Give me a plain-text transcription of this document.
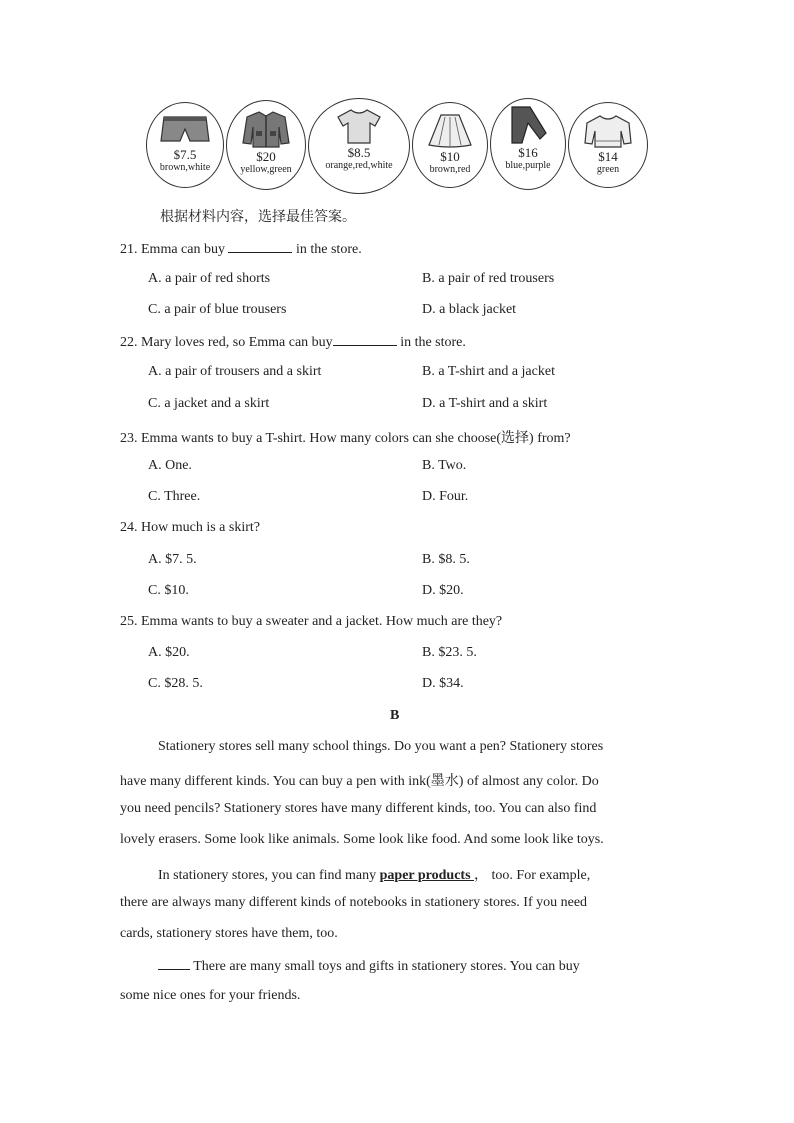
$7.5
brown,white
$20
yellow,green
$8.5
orange,red,white
$10
brown,red
$16
blue,purple
$14
green
根据材料内容，选择最佳答案。
21. Emma can buy	in the store.
A. a pair of red shorts	B. a pair of red trousers
C. a pair of blue trousers	D. a black jacket
22. Mary loves red, so Emma can buy	in the store.
A. a pair of trousers and a skirt	B. a T-shirt and a jacket
C. a jacket and a skirt	D. a T-shirt and a skirt
23. Emma wants to buy a T-shirt. How many colors can she choose(选择) from?
A. One.	B. Two.
C. Three.	D. Four.
24. How much is a skirt?
A. $7. 5.	B. $8. 5.
C. $10.	D. $20.
25. Emma wants to buy a sweater and a jacket. How much are they?
A. $20.	B. $23. 5.
C. $28. 5.	D. $34.
B
Stationery stores sell many school things. Do you want a pen? Stationery stores
have many different kinds. You can buy a pen with ink(墨水) of almost any color. Do
you need pencils? Stationery stores have many different kinds, too. You can also find
lovely erasers. Some look like animals. Some look like food. And some look like toys.
In stationery stores, you can find many paper products ， too. For example,
there are always many different kinds of notebooks in stationery stores. If you need
cards, stationery stores have them, too.
There are many small toys and gifts in stationery stores. You can buy
some nice ones for your friends.
